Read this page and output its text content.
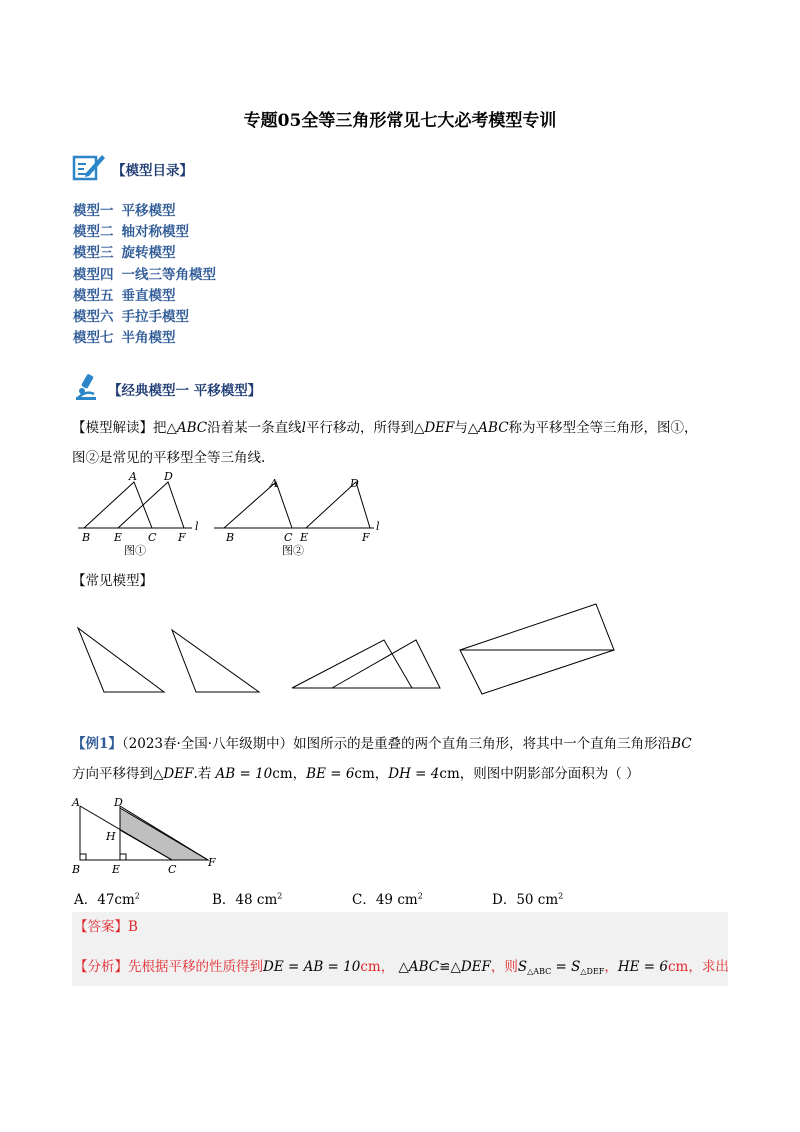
专题05全等三角形常见七大必考模型专训
【模型目录】
模型一 平移模型
模型二 轴对称模型
模型三 旋转模型
模型四 一线三等角模型
模型五 垂直模型
模型六 手拉手模型
模型七 半角模型
【经典模型一 平移模型】
【模型解读】把△ABC沿着某一条直线l平行移动，所得到△DEF与△ABC称为平移型全等三角形，图①，
图②是常见的平移型全等三角线.
A D
B E C F
l
图①
A	D
B	C E	F
l
图②
【常见模型】
【例1】（2023春·全国·八年级期中）如图所示的是重叠的两个直角三角形，将其中一个直角三角形沿BC
方向平移得到△DEF.若 AB = 10cm，BE = 6cm，DH = 4cm，则图中阴影部分面积为（ ）
A	D
H
B	E	C
F
A．$47cm^2$	B．48 $cm^2$	C．49 $cm^2$	D．50 $cm^2$
【答案】B
【分析】先根据平移的性质得到DE = AB = 10cm， △ABC≌△DEF，则$S_{\triangle ABC} = S_{\triangle DEF}$，HE = 6cm，求出
